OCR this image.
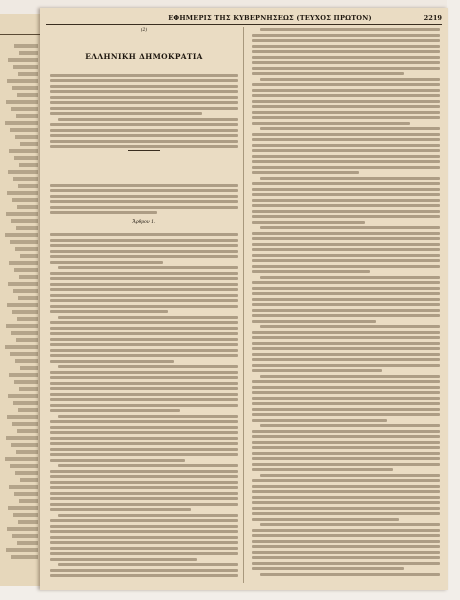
ΕΦΗΜΕΡΙΣ ΤΗΣ ΚΥΒΕΡΝΗΣΕΩΣ (ΤΕΥΧΟΣ ΠΡΩΤΟΝ)	2219
(2)
ΕΛΛΗΝΙΚΗ ΔΗΜΟΚΡΑΤΙΑ
Ἄρθρον 1.
